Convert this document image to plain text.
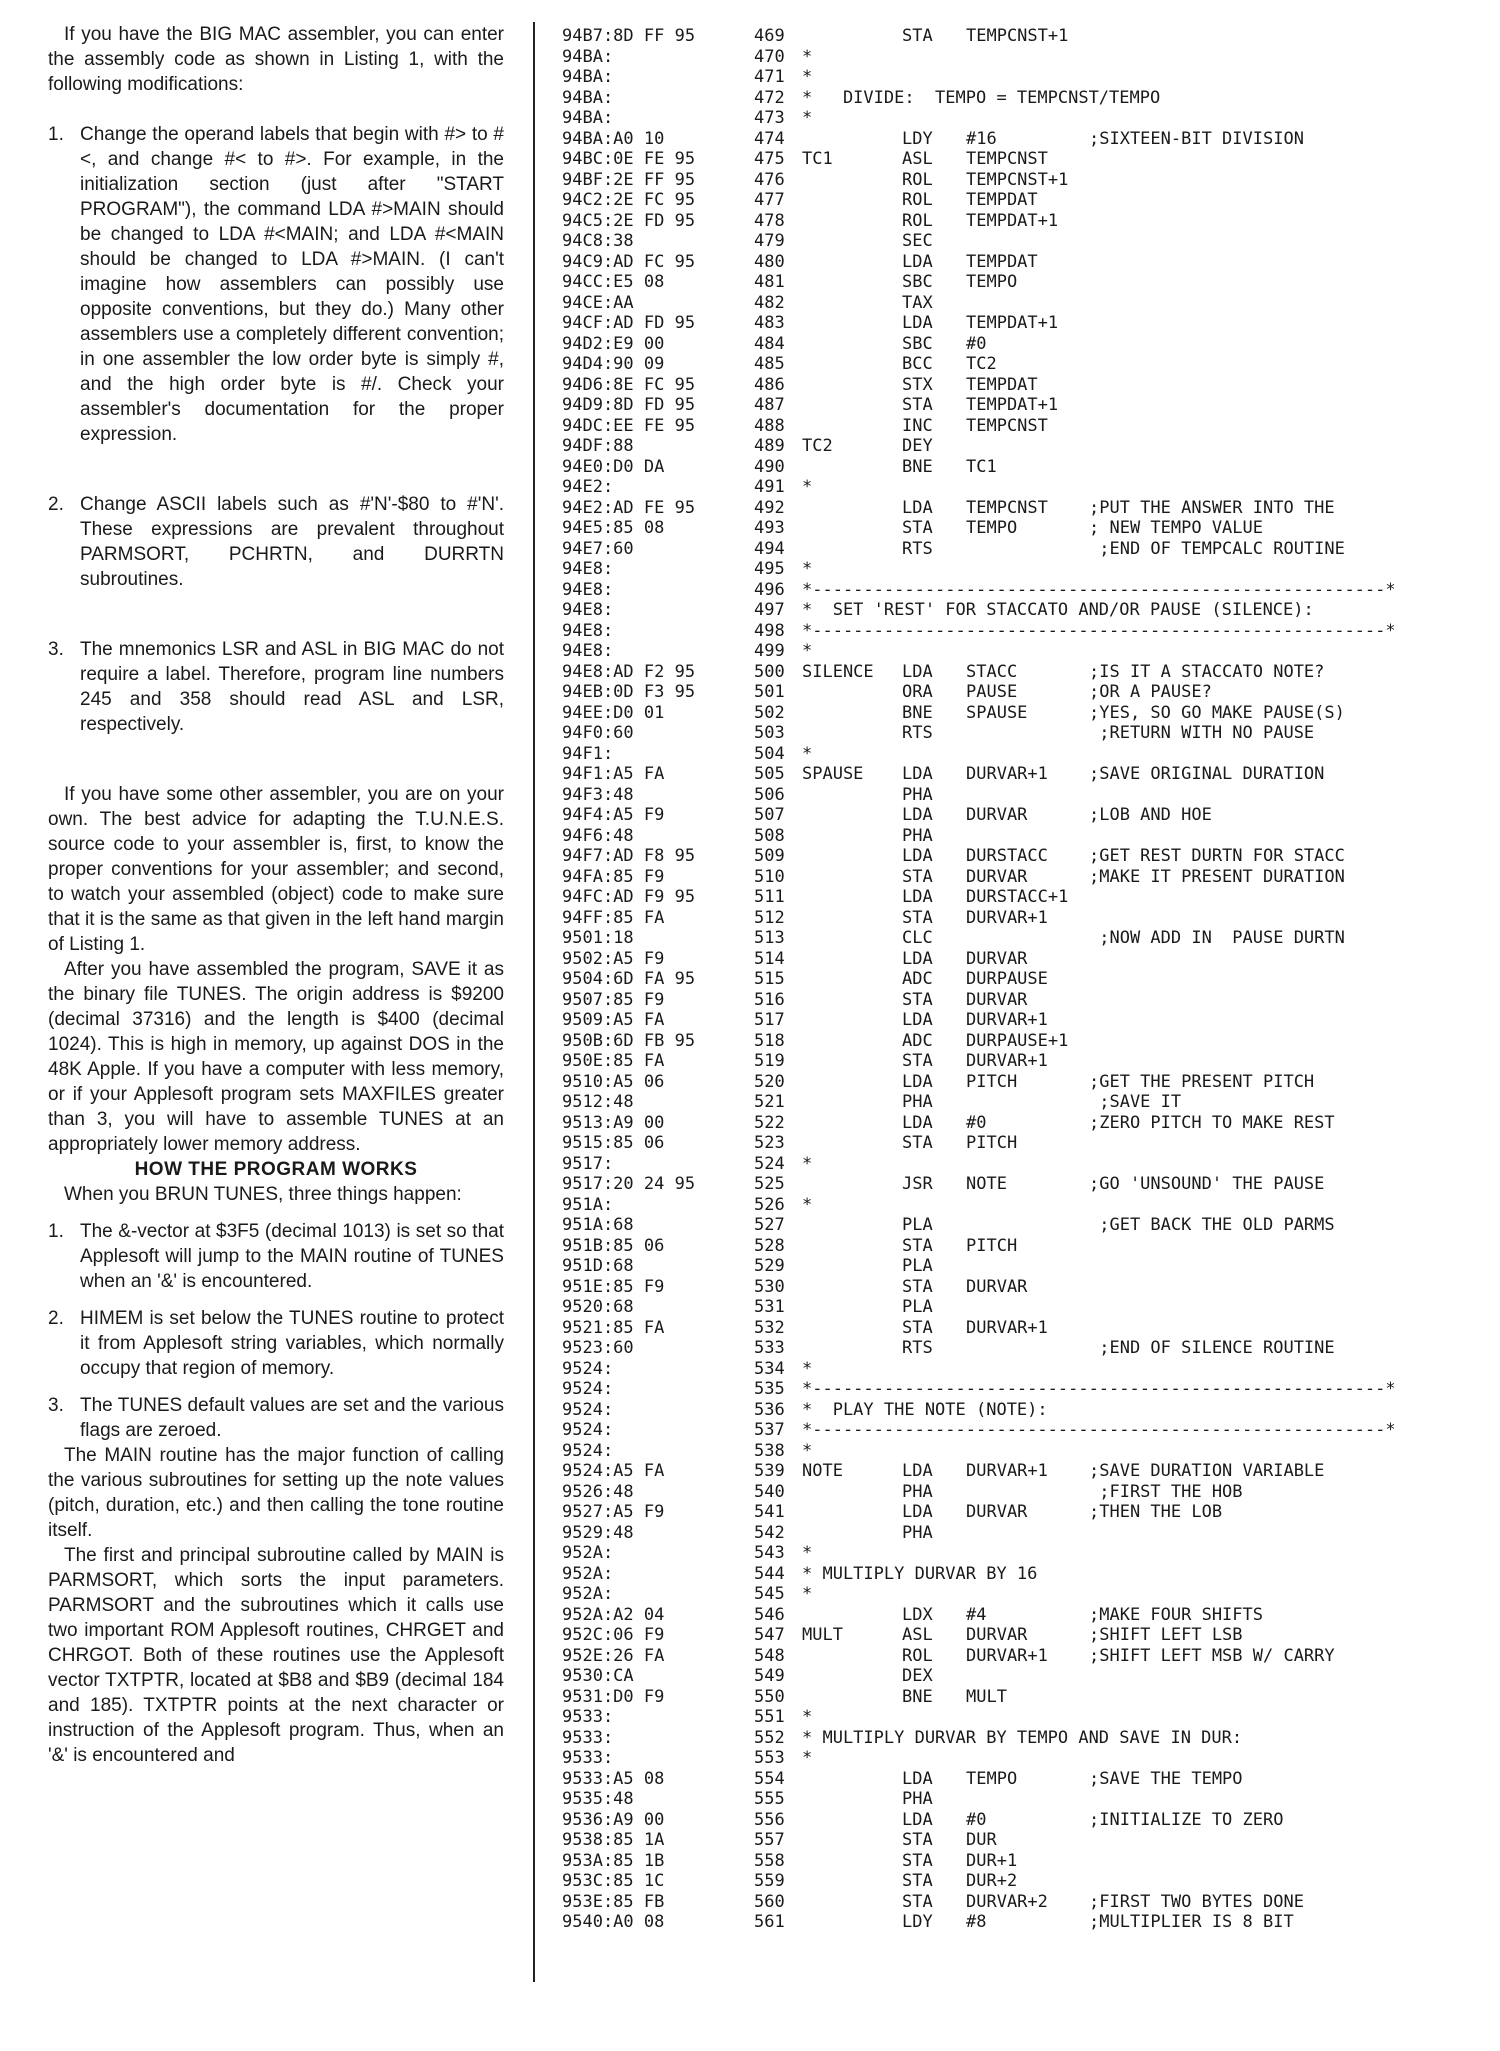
If you have the BIG MAC assembler, you can enter the assembly code as shown in Listing 1, with the following modifications:

1. Change the operand labels that begin with #> to #<, and change #< to #>. For example, in the initialization section (just after "START PROGRAM"), the command LDA #>MAIN should be changed to LDA #<MAIN; and LDA #<MAIN should be changed to LDA #>MAIN. (I can't imagine how assemblers can possibly use opposite conventions, but they do.) Many other assemblers use a completely different convention; in one assembler the low order byte is simply #, and the high order byte is #/. Check your assembler's documentation for the proper expression.
2. Change ASCII labels such as #'N'-$80 to #'N'. These expressions are prevalent throughout PARMSORT, PCHRTN, and DURRTN subroutines.
3. The mnemonics LSR and ASL in BIG MAC do not require a label. Therefore, program line numbers 245 and 358 should read ASL and LSR, respectively.

If you have some other assembler, you are on your own. The best advice for adapting the T.U.N.E.S. source code to your assembler is, first, to know the proper conventions for your assembler; and second, to watch your assembled (object) code to make sure that it is the same as that given in the left hand margin of Listing 1.

After you have assembled the program, SAVE it as the binary file TUNES. The origin address is $9200 (decimal 37316) and the length is $400 (decimal 1024). This is high in memory, up against DOS in the 48K Apple. If you have a computer with less memory, or if your Applesoft program sets MAXFILES greater than 3, you will have to assemble TUNES at an appropriately lower memory address.

HOW THE PROGRAM WORKS

When you BRUN TUNES, three things happen:

1. The &-vector at $3F5 (decimal 1013) is set so that Applesoft will jump to the MAIN routine of TUNES when an '&' is encountered.
2. HIMEM is set below the TUNES routine to protect it from Applesoft string variables, which normally occupy that region of memory.
3. The TUNES default values are set and the various flags are zeroed.

The MAIN routine has the major function of calling the various subroutines for setting up the note values (pitch, duration, etc.) and then calling the tone routine itself.

The first and principal subroutine called by MAIN is PARMSORT, which sorts the input parameters. PARMSORT and the subroutines which it calls use two important ROM Applesoft routines, CHRGET and CHRGOT. Both of these routines use the Applesoft vector TXTPTR, located at $B8 and $B9 (decimal 184 and 185). TXTPTR points at the next character or instruction of the Applesoft program. Thus, when an '&' is encountered and

94B7:8D FF 95	469	STA TEMPCNST+1
94BA:	470 *
94BA:	471 *
94BA:	472 *   DIVIDE:  TEMPO = TEMPCNST/TEMPO
94BA:	473 *
94BA:A0 10	474	LDY #16	;SIXTEEN-BIT DIVISION
94BC:0E FE 95	475 TC1	ASL TEMPCNST
94BF:2E FF 95	476	ROL TEMPCNST+1
94C2:2E FC 95	477	ROL TEMPDAT
94C5:2E FD 95	478	ROL TEMPDAT+1
94C8:38	479	SEC
94C9:AD FC 95	480	LDA TEMPDAT
94CC:E5 08	481	SBC TEMPO
94CE:AA	482	TAX
94CF:AD FD 95	483	LDA TEMPDAT+1
94D2:E9 00	484	SBC #0
94D4:90 09	485	BCC TC2
94D6:8E FC 95	486	STX TEMPDAT
94D9:8D FD 95	487	STA TEMPDAT+1
94DC:EE FE 95	488	INC TEMPCNST
94DF:88	489 TC2	DEY
94E0:D0 DA	490	BNE TC1
94E2:	491 *
94E2:AD FE 95	492	LDA TEMPCNST ;PUT THE ANSWER INTO THE
94E5:85 08	493	STA TEMPO	; NEW TEMPO VALUE
94E7:60	494	RTS	;END OF TEMPCALC ROUTINE
94E8:	495 *
94E8:	496 *--------------------------------------------------------*
94E8:	497 *  SET 'REST' FOR STACCATO AND/OR PAUSE (SILENCE):
94E8:	498 *--------------------------------------------------------*
94E8:	499 *
94E8:AD F2 95	500 SILENCE LDA STACC	;IS IT A STACCATO NOTE?
94EB:0D F3 95	501	ORA PAUSE	;OR A PAUSE?
94EE:D0 01	502	BNE SPAUSE	;YES, SO GO MAKE PAUSE(S)
94F0:60	503	RTS	;RETURN WITH NO PAUSE
94F1:	504 *
94F1:A5 FA	505 SPAUSE LDA DURVAR+1 ;SAVE ORIGINAL DURATION
94F3:48	506	PHA
94F4:A5 F9	507	LDA DURVAR	;LOB AND HOE
94F6:48	508	PHA
94F7:AD F8 95	509	LDA DURSTACC ;GET REST DURTN FOR STACC
94FA:85 F9	510	STA DURVAR	;MAKE IT PRESENT DURATION
94FC:AD F9 95	511	LDA DURSTACC+1
94FF:85 FA	512	STA DURVAR+1
9501:18	513	CLC	;NOW ADD IN  PAUSE DURTN
9502:A5 F9	514	LDA DURVAR
9504:6D FA 95	515	ADC DURPAUSE
9507:85 F9	516	STA DURVAR
9509:A5 FA	517	LDA DURVAR+1
950B:6D FB 95	518	ADC DURPAUSE+1
950E:85 FA	519	STA DURVAR+1
9510:A5 06	520	LDA PITCH	;GET THE PRESENT PITCH
9512:48	521	PHA	;SAVE IT
9513:A9 00	522	LDA #0	;ZERO PITCH TO MAKE REST
9515:85 06	523	STA PITCH
9517:	524 *
9517:20 24 95	525	JSR NOTE	;GO 'UNSOUND' THE PAUSE
951A:	526 *
951A:68	527	PLA	;GET BACK THE OLD PARMS
951B:85 06	528	STA PITCH
951D:68	529	PLA
951E:85 F9	530	STA DURVAR
9520:68	531	PLA
9521:85 FA	532	STA DURVAR+1
9523:60	533	RTS	;END OF SILENCE ROUTINE
9524:	534 *
9524:	535 *--------------------------------------------------------*
9524:	536 *  PLAY THE NOTE (NOTE):
9524:	537 *--------------------------------------------------------*
9524:	538 *
9524:A5 FA	539 NOTE	LDA DURVAR+1 ;SAVE DURATION VARIABLE
9526:48	540	PHA	;FIRST THE HOB
9527:A5 F9	541	LDA DURVAR	;THEN THE LOB
9529:48	542	PHA
952A:	543 *
952A:	544 * MULTIPLY DURVAR BY 16
952A:	545 *
952A:A2 04	546	LDX #4	;MAKE FOUR SHIFTS
952C:06 F9	547 MULT	ASL DURVAR	;SHIFT LEFT LSB
952E:26 FA	548	ROL DURVAR+1 ;SHIFT LEFT MSB W/ CARRY
9530:CA	549	DEX
9531:D0 F9	550	BNE MULT
9533:	551 *
9533:	552 * MULTIPLY DURVAR BY TEMPO AND SAVE IN DUR:
9533:	553 *
9533:A5 08	554	LDA TEMPO	;SAVE THE TEMPO
9535:48	555	PHA
9536:A9 00	556	LDA #0	;INITIALIZE TO ZERO
9538:85 1A	557	STA DUR
953A:85 1B	558	STA DUR+1
953C:85 1C	559	STA DUR+2
953E:85 FB	560	STA DURVAR+2 ;FIRST TWO BYTES DONE
9540:A0 08	561	LDY #8	;MULTIPLIER IS 8 BIT
